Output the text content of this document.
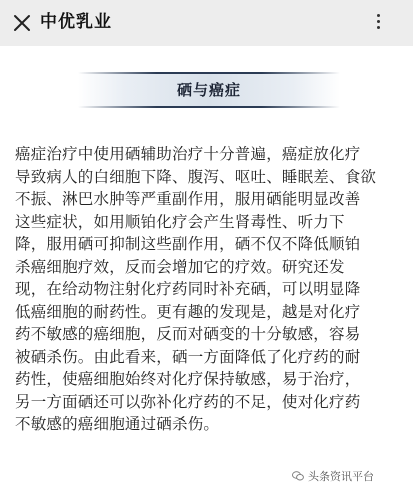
中优乳业
硒与癌症
癌症治疗中使用硒辅助治疗十分普遍，癌症放化疗
导致病人的白细胞下降、腹泻、呕吐、睡眠差、食欲
不振、淋巴水肿等严重副作用，服用硒能明显改善
这些症状，如用顺铂化疗会产生肾毒性、听力下
降，服用硒可抑制这些副作用，硒不仅不降低顺铂
杀癌细胞疗效，反而会增加它的疗效。研究还发
现，在给动物注射化疗药同时补充硒，可以明显降
低癌细胞的耐药性。更有趣的发现是，越是对化疗
药不敏感的癌细胞，反而对硒变的十分敏感，容易
被硒杀伤。由此看来，硒一方面降低了化疗药的耐
药性，使癌细胞始终对化疗保持敏感，易于治疗，
另一方面硒还可以弥补化疗药的不足，使对化疗药
不敏感的癌细胞通过硒杀伤。
头条资讯平台
